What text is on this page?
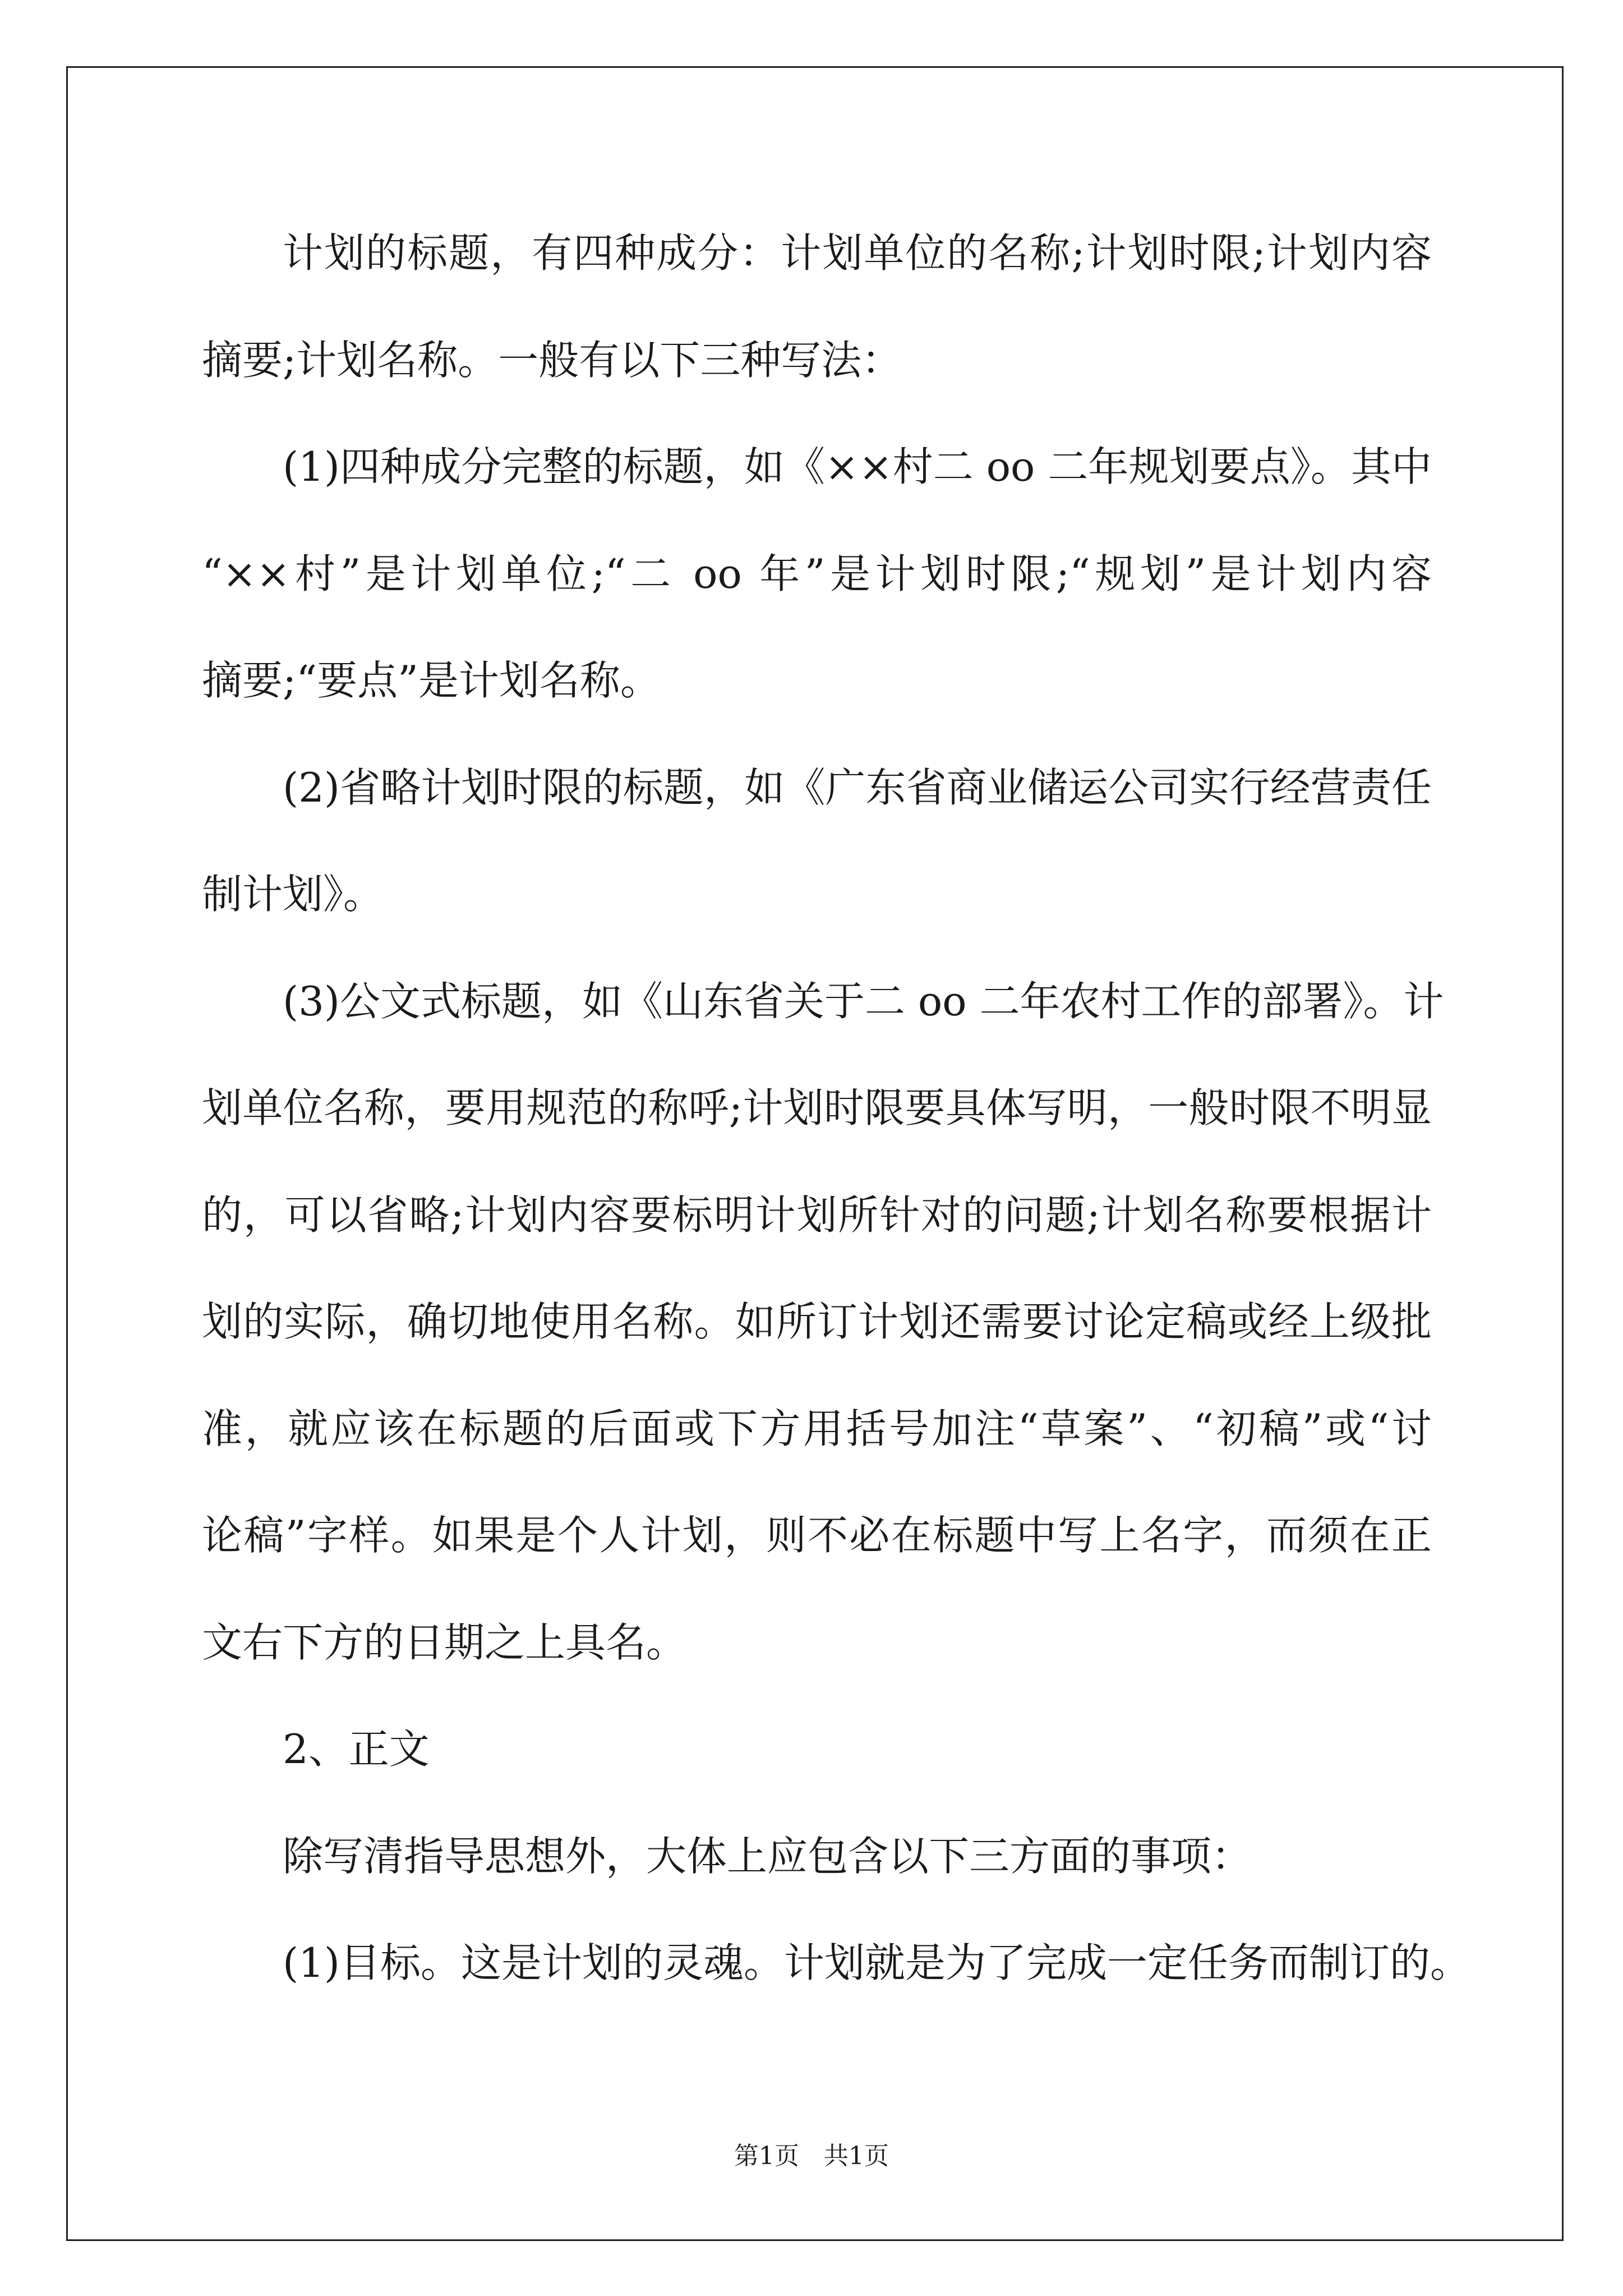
计划的标题，有四种成分：计划单位的名称;计划时限;计划内容
摘要;计划名称。一般有以下三种写法：
(1)四种成分完整的标题，如《××村二 oo 二年规划要点》。其中
“××村”是计划单位;“二 oo 年”是计划时限;“规划”是计划内容
摘要;“要点”是计划名称。
(2)省略计划时限的标题，如《广东省商业储运公司实行经营责任
制计划》。
(3)公文式标题，如《山东省关于二 oo 二年农村工作的部署》。计
划单位名称，要用规范的称呼;计划时限要具体写明，一般时限不明显
的，可以省略;计划内容要标明计划所针对的问题;计划名称要根据计
划的实际，确切地使用名称。如所订计划还需要讨论定稿或经上级批
准，就应该在标题的后面或下方用括号加注“草案”、“初稿”或“讨
论稿”字样。如果是个人计划，则不必在标题中写上名字，而须在正
文右下方的日期之上具名。
2、正文
除写清指导思想外，大体上应包含以下三方面的事项：
(1)目标。这是计划的灵魂。计划就是为了完成一定任务而制订的。
第1页 共1页
